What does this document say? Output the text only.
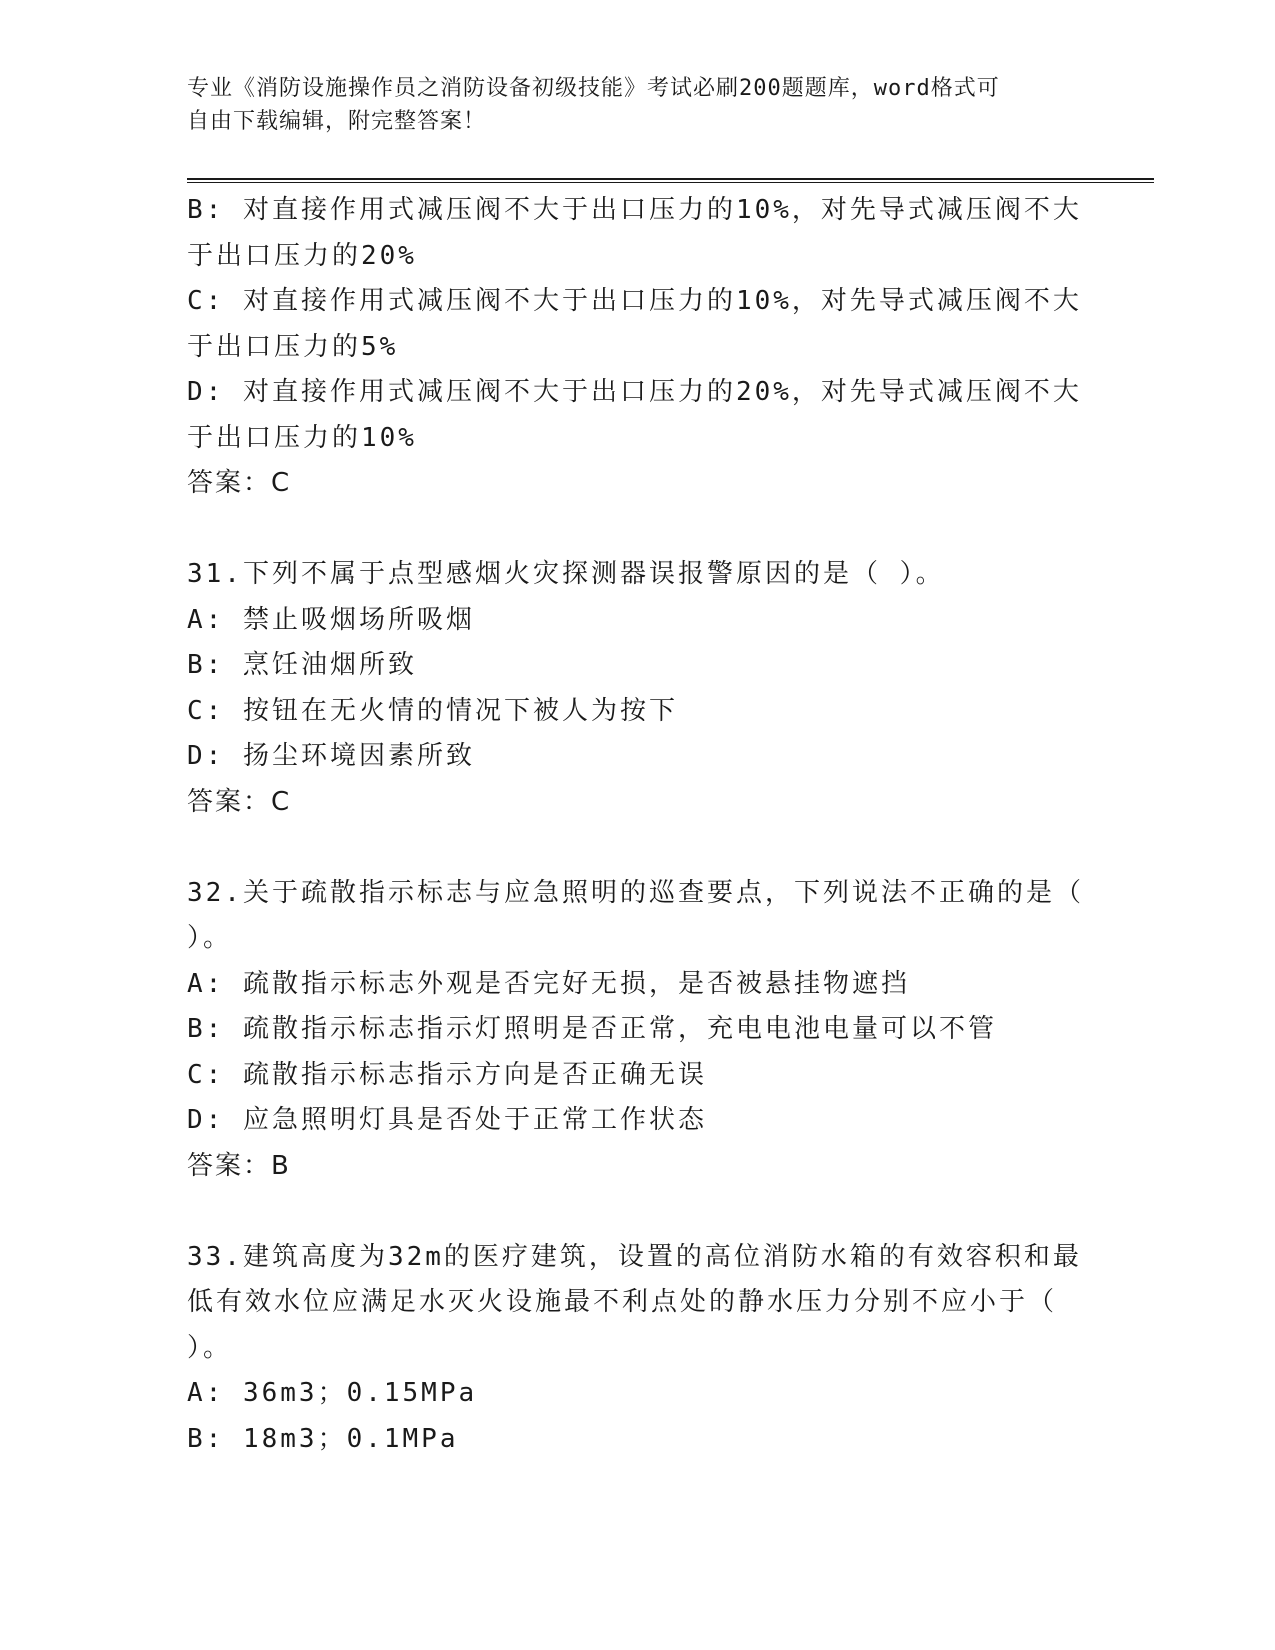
专业《消防设施操作员之消防设备初级技能》考试必刷200题题库，word格式可
自由下载编辑，附完整答案！
B: 对直接作用式减压阀不大于出口压力的10%，对先导式减压阀不大
于出口压力的20%
C: 对直接作用式减压阀不大于出口压力的10%，对先导式减压阀不大
于出口压力的5%
D: 对直接作用式减压阀不大于出口压力的20%，对先导式减压阀不大
于出口压力的10%
答案：C
31.下列不属于点型感烟火灾探测器误报警原因的是（ ）。
A: 禁止吸烟场所吸烟
B: 烹饪油烟所致
C: 按钮在无火情的情况下被人为按下
D: 扬尘环境因素所致
答案：C
32.关于疏散指示标志与应急照明的巡查要点，下列说法不正确的是（
）。
A: 疏散指示标志外观是否完好无损，是否被悬挂物遮挡
B: 疏散指示标志指示灯照明是否正常，充电电池电量可以不管
C: 疏散指示标志指示方向是否正确无误
D: 应急照明灯具是否处于正常工作状态
答案：B
33.建筑高度为32m的医疗建筑，设置的高位消防水箱的有效容积和最
低有效水位应满足水灭火设施最不利点处的静水压力分别不应小于（
）。
A: 36m3；0.15MPa
B: 18m3；0.1MPa
